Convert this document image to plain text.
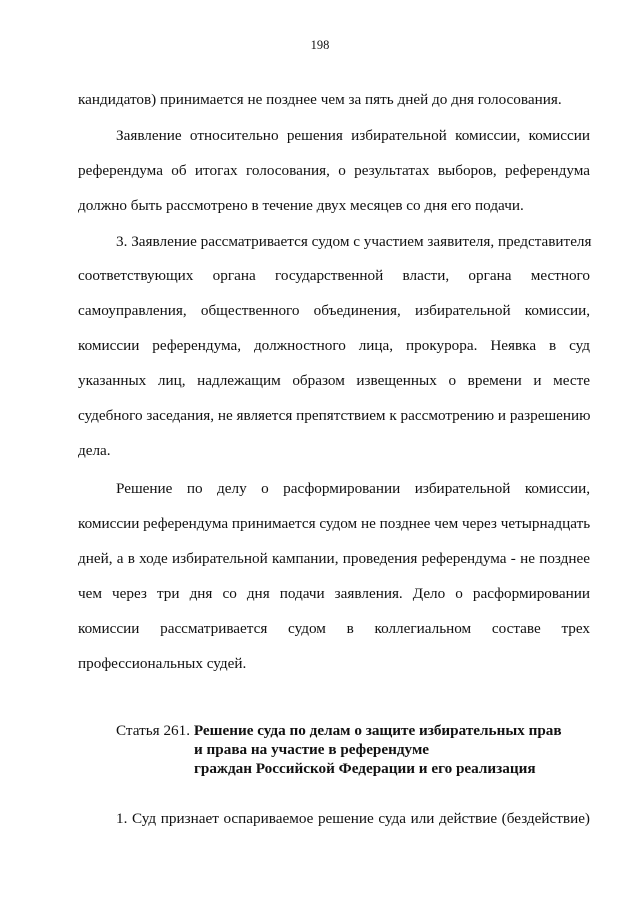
198
кандидатов) принимается не позднее чем за пять дней до дня голосования.
Заявление относительно решения избирательной комиссии, комиссии
референдума об итогах голосования, о результатах выборов, референдума
должно быть рассмотрено в течение двух месяцев со дня его подачи.
3. Заявление рассматривается судом с участием заявителя, представителя
соответствующих органа государственной власти, органа местного
самоуправления, общественного объединения, избирательной комиссии,
комиссии референдума, должностного лица, прокурора. Неявка в суд
указанных лиц, надлежащим образом извещенных о времени и месте
судебного заседания, не является препятствием к рассмотрению и разрешению
дела.
Решение по делу о расформировании избирательной комиссии,
комиссии референдума принимается судом не позднее чем через четырнадцать
дней, а в ходе избирательной кампании, проведения референдума - не позднее
чем через три дня со дня подачи заявления. Дело о расформировании
комиссии рассматривается судом в коллегиальном составе трех
профессиональных судей.
Статья 261. Решение суда по делам о защите избирательных прав
и права на участие в референдуме
граждан Российской Федерации и его реализация
1. Суд признает оспариваемое решение суда или действие (бездействие)
